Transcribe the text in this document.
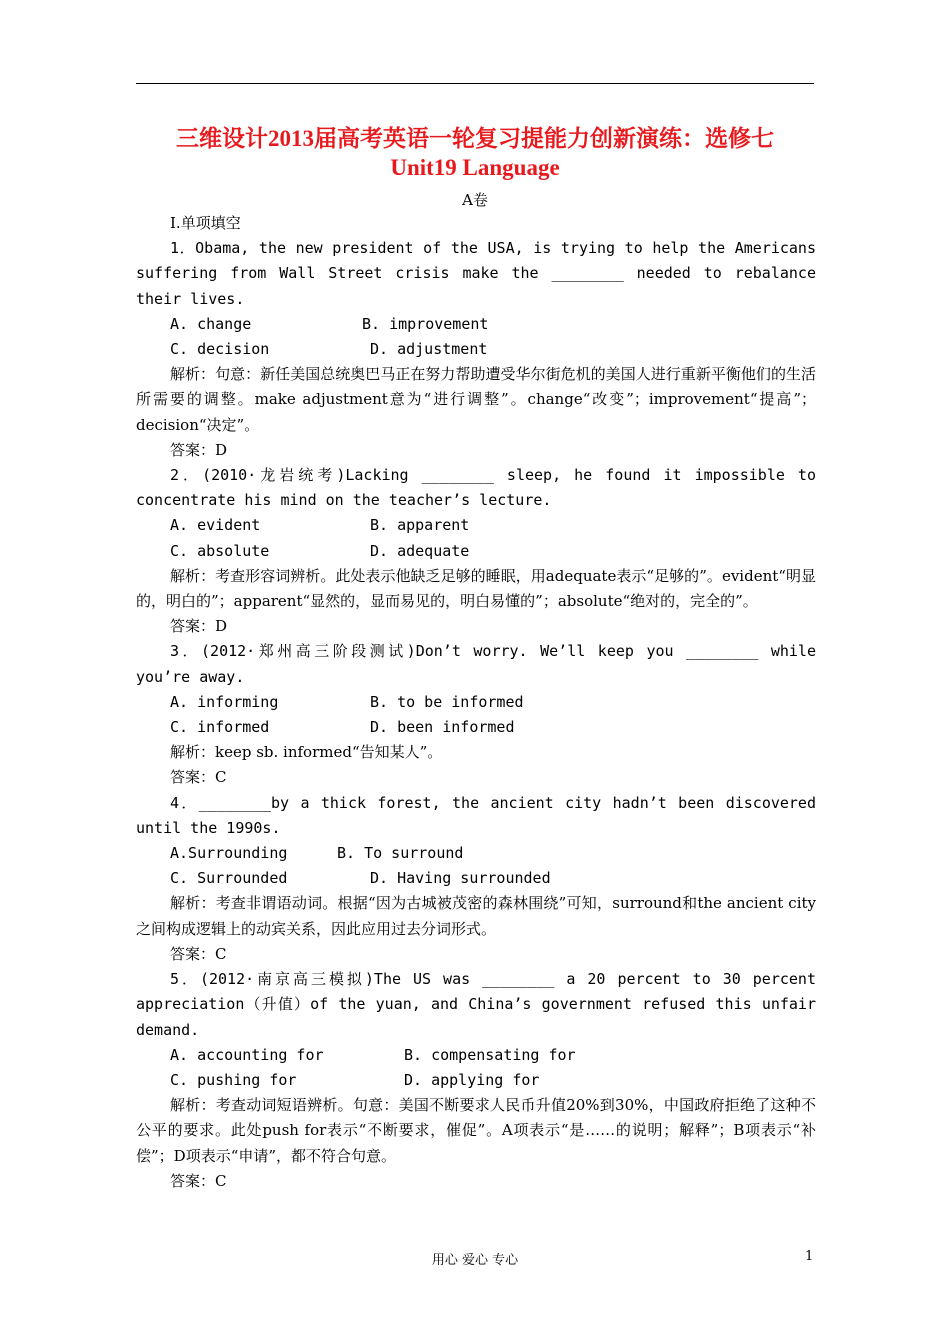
三维设计2013届高考英语一轮复习提能力创新演练：选修七
Unit19 Language
A卷

Ⅰ.单项填空

1．Obama, the new president of the USA, is trying to help the Americans suffering from Wall Street crisis make the ________ needed to rebalance their lives.

A. change	B. improvement

C. decision	D. adjustment

解析：句意：新任美国总统奥巴马正在努力帮助遭受华尔街危机的美国人进行重新平衡他们的生活所需要的调整。make adjustment意为“进行调整”。change“改变”；improvement“提高”；decision“决定”。

答案：D

2．(2010·龙岩统考)Lacking ________ sleep, he found it impossible to concentrate his mind on the teacher’s lecture.

A. evident	B. apparent

C. absolute	D. adequate

解析：考查形容词辨析。此处表示他缺乏足够的睡眠，用adequate表示“足够的”。evident“明显的，明白的”；apparent“显然的，显而易见的，明白易懂的”；absolute“绝对的，完全的”。

答案：D

3．(2012·郑州高三阶段测试)Don’t worry. We’ll keep you ________ while you’re away.

A. informing	B. to be informed

C. informed	D. been informed

解析：keep sb. informed“告知某人”。

答案：C

4．________by a thick forest, the ancient city hadn’t been discovered until the 1990s.

A.Surrounding	B. To surround

C. Surrounded	D. Having surrounded

解析：考查非谓语动词。根据“因为古城被茂密的森林围绕”可知，surround和the ancient city之间构成逻辑上的动宾关系，因此应用过去分词形式。

答案：C

5．(2012·南京高三模拟)The US was ________ a 20 percent to 30 percent appreciation（升值）of the yuan, and China’s government refused this unfair demand.

A. accounting for	B. compensating for

C. pushing for	D. applying for

解析：考查动词短语辨析。句意：美国不断要求人民币升值20%到30%，中国政府拒绝了这种不公平的要求。此处push for表示“不断要求，催促”。A项表示“是……的说明；解释”；B项表示“补偿”；D项表示“申请”，都不符合句意。

答案：C

用心 爱心 专心	1
